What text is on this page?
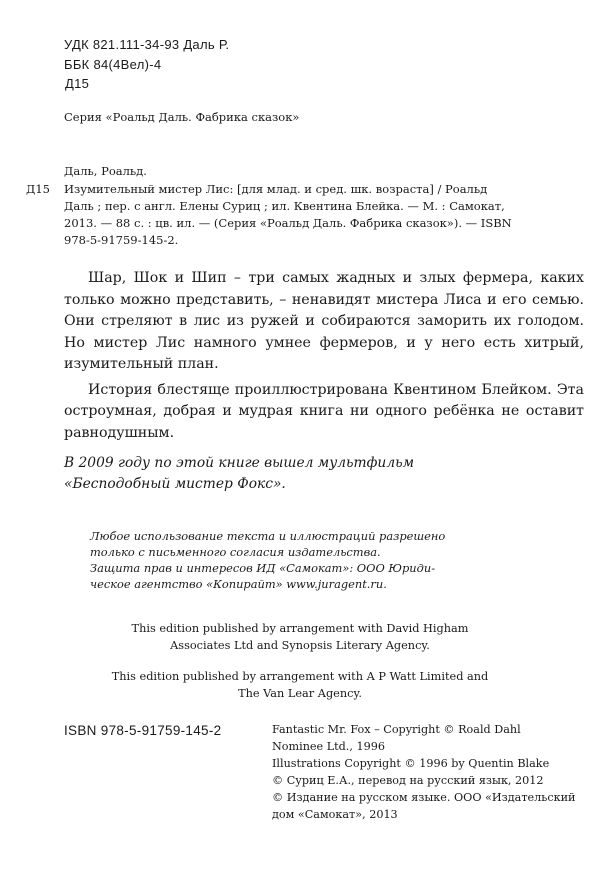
УДК 821.111-34-93 Даль Р.
ББК 84(4Вел)-4
Д15
Серия «Роальд Даль. Фабрика сказок»
Даль, Роальд.
Д15 Изумительный мистер Лис: [для млад. и сред. шк. возраста] / Роальд
Даль ; пер. с англ. Елены Суриц ; ил. Квентина Блейка. — М. : Самокат,
2013. — 88 с. : цв. ил. — (Серия «Роальд Даль. Фабрика сказок»). — ISBN
978-5-91759-145-2.

Шар, Шок и Шип – три самых жадных и злых фермера, каких только можно представить, – ненавидят мистера Лиса и его семью. Они стреляют в лис из ружей и собираются заморить их голодом. Но мистер Лис намного умнее фермеров, и у него есть хитрый, изумительный план.

История блестяще проиллюстрирована Квентином Блейком. Эта остроумная, добрая и мудрая книга ни одного ребёнка не оставит равнодушным.

В 2009 году по этой книге вышел мультфильм
«Бесподобный мистер Фокс».
Любое использование текста и иллюстраций разрешено
только с письменного согласия издательства.
Защита прав и интересов ИД «Самокат»: ООО Юриди-
ческое агентство «Копирайт» www.juragent.ru.
This edition published by arrangement with David Higham
Associates Ltd and Synopsis Literary Agency.
This edition published by arrangement with A P Watt Limited and
The Van Lear Agency.
ISBN 978-5-91759-145-2	Fantastic Mr. Fox – Copyright © Roald Dahl
Nominee Ltd., 1996
Illustrations Copyright © 1996 by Quentin Blake
© Суриц Е.А., перевод на русский язык, 2012
© Издание на русском языке. ООО «Издательский
дом «Самокат», 2013
